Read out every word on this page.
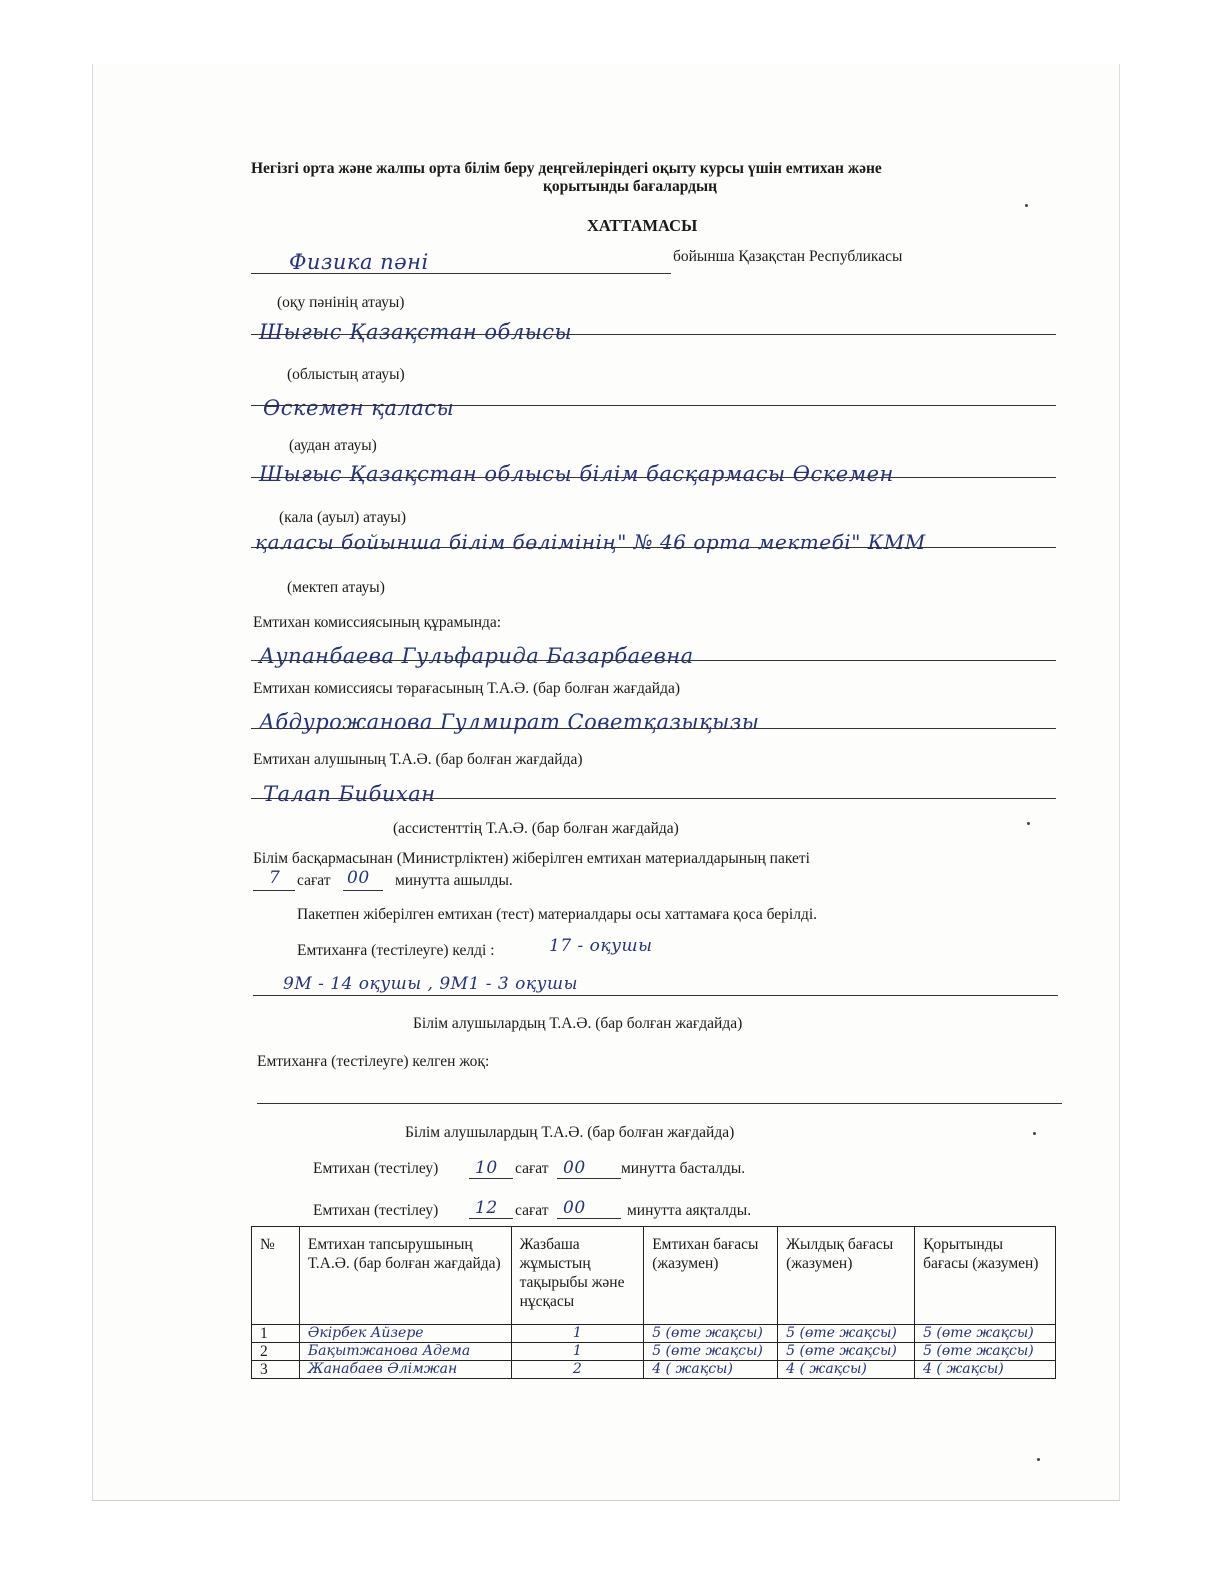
Негізгі орта және жалпы орта білім беру деңгейлеріндегі оқыту курсы үшін емтихан және
қорытынды бағалардың
ХАТТАМАСЫ
Физика пәні	бойынша Қазақстан Республикасы
(оқу пәнінің атауы)
Шығыс Қазақстан облысы
(облыстың атауы)
Өскемен қаласы
(аудан атауы)
Шығыс Қазақстан облысы білім басқармасы Өскемен
(кала (ауыл) атауы)
қаласы бойынша білім бөлімінің" № 46 орта мектебі" КММ
(мектеп атауы)
Емтихан комиссиясының құрамында:
Аупанбаева Гульфарида Базарбаевна
Емтихан комиссиясы төрағасының Т.А.Ә. (бар болған жағдайда)
Абдурожанова Гулмират Советқазықызы
Емтихан алушының Т.А.Ә. (бар болған жағдайда)
Талап Бибихан
(ассистенттің Т.А.Ә. (бар болған жағдайда)
Білім басқармасынан (Министрліктен) жіберілген емтихан материалдарының пакеті
7 сағат 00 минутта ашылды.
Пакетпен жіберілген емтихан (тест) материалдары осы хаттамаға қоса берілді.
Емтиханға (тестілеуге) келді :	17 - оқушы
9М - 14 оқушы , 9М1 - 3 оқушы
Білім алушылардың Т.А.Ә. (бар болған жағдайда)
Емтиханға (тестілеуге) келген жоқ:
Білім алушылардың Т.А.Ә. (бар болған жағдайда)
Емтихан (тестілеу) 10 сағат 00 минутта басталды.
Емтихан (тестілеу) 12 сағат 00	минутта аяқталды.
№	Емтихан тапсырушының Т.А.Ә. (бар болған жағдайда)	Жазбаша жұмыстың тақырыбы және нұсқасы	Емтихан бағасы (жазумен)	Жылдық бағасы (жазумен)	Қорытынды бағасы (жазумен)
1	Әкірбек Айзере	1	5 (өте жақсы)	5 (өте жақсы)	5 (өте жақсы)
2	Бақытжанова Адема	1	5 (өте жақсы)	5 (өте жақсы)	5 (өте жақсы)
3	Жанабаев Әлімжан	2	4 ( жақсы)	4 ( жақсы)	4 ( жақсы)
